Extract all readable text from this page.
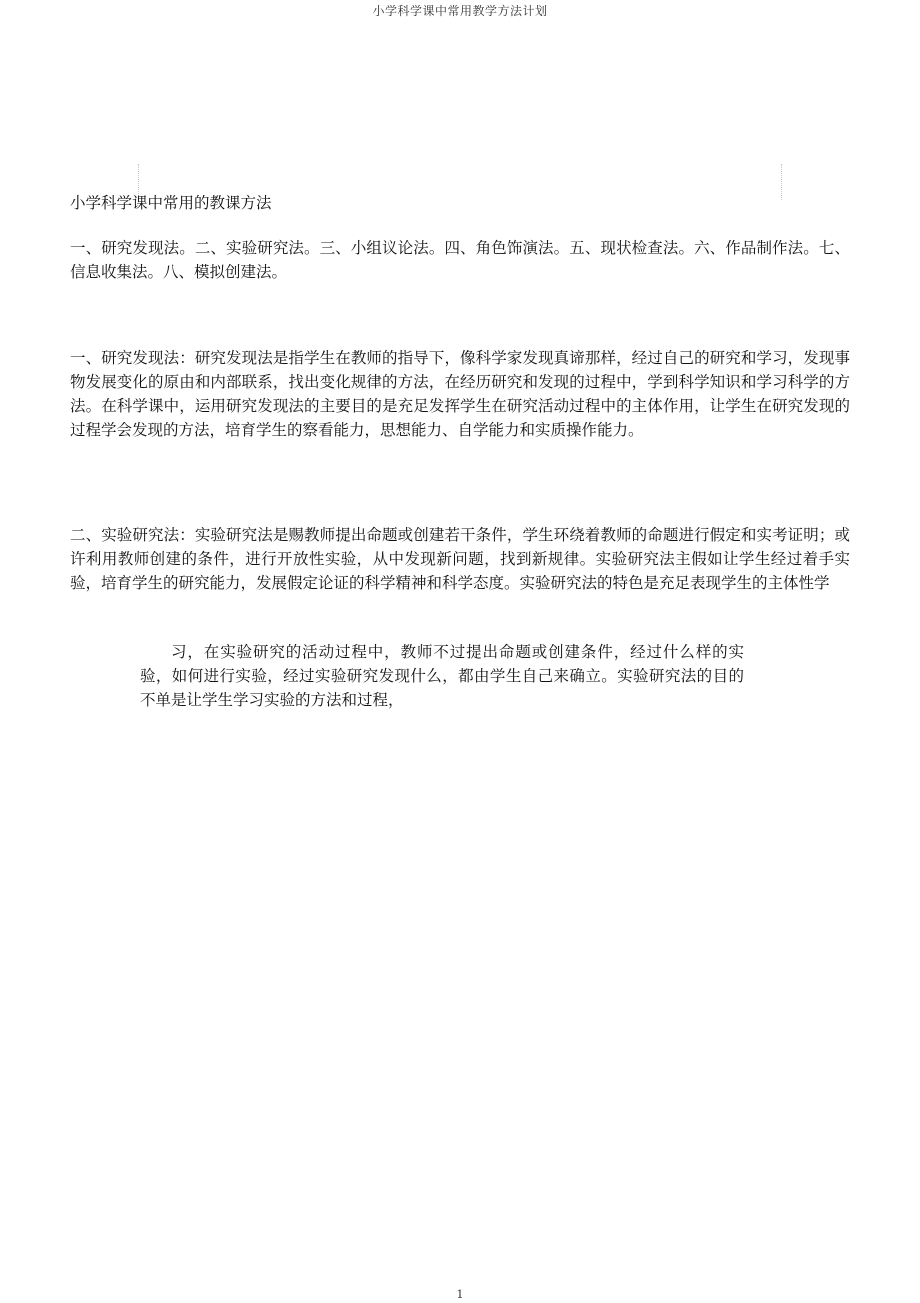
小学科学课中常用教学方法计划
小学科学课中常用的教课方法

一、研究发现法。二、实验研究法。三、小组议论法。四、角色饰演法。五、现状检查法。六、作品制作法。七、信息收集法。八、模拟创建法。

一、研究发现法：研究发现法是指学生在教师的指导下，像科学家发现真谛那样，经过自己的研究和学习，发现事物发展变化的原由和内部联系，找出变化规律的方法，在经历研究和发现的过程中，学到科学知识和学习科学的方法。在科学课中，运用研究发现法的主要目的是充足发挥学生在研究活动过程中的主体作用，让学生在研究发现的过程学会发现的方法，培育学生的察看能力，思想能力、自学能力和实质操作能力。

二、实验研究法：实验研究法是赐教师提出命题或创建若干条件，学生环绕着教师的命题进行假定和实考证明；或许利用教师创建的条件，进行开放性实验，从中发现新问题，找到新规律。实验研究法主假如让学生经过着手实验，培育学生的研究能力，发展假定论证的科学精神和科学态度。实验研究法的特色是充足表现学生的主体性学

习，在实验研究的活动过程中，教师不过提出命题或创建条件，经过什么样的实验，如何进行实验，经过实验研究发现什么，都由学生自己来确立。实验研究法的目的不单是让学生学习实验的方法和过程，

1
